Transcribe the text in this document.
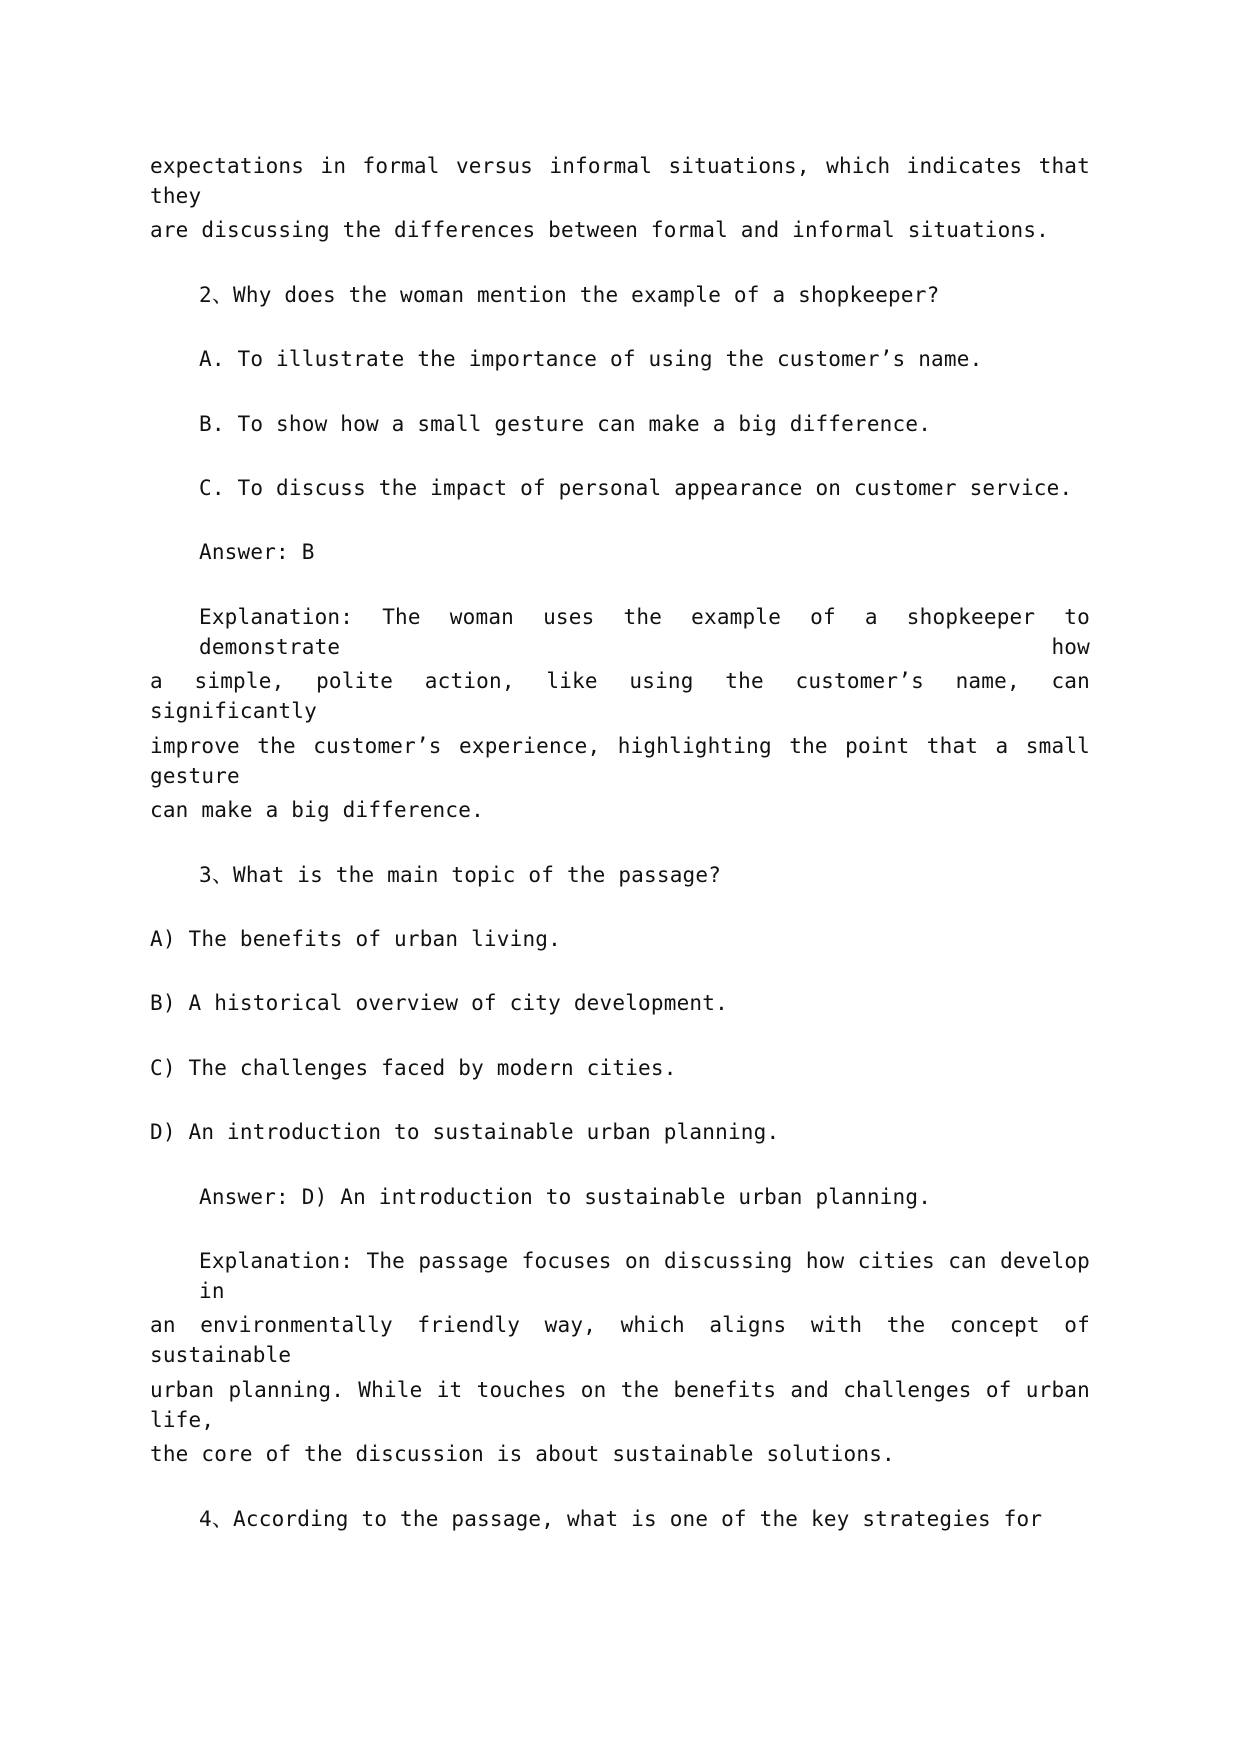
expectations in formal versus informal situations, which indicates that they
are discussing the differences between formal and informal situations.
2、Why does the woman mention the example of a shopkeeper?
A. To illustrate the importance of using the customer’s name.
B. To show how a small gesture can make a big difference.
C. To discuss the impact of personal appearance on customer service.
Answer: B
Explanation: The woman uses the example of a shopkeeper to demonstrate how
a simple, polite action, like using the customer’s name, can significantly
improve the customer’s experience, highlighting the point that a small gesture
can make a big difference.
3、What is the main topic of the passage?
A) The benefits of urban living.
B) A historical overview of city development.
C) The challenges faced by modern cities.
D) An introduction to sustainable urban planning.
Answer: D) An introduction to sustainable urban planning.
Explanation: The passage focuses on discussing how cities can develop in
an environmentally friendly way, which aligns with the concept of sustainable
urban planning. While it touches on the benefits and challenges of urban life,
the core of the discussion is about sustainable solutions.
4、According to the passage, what is one of the key strategies for
